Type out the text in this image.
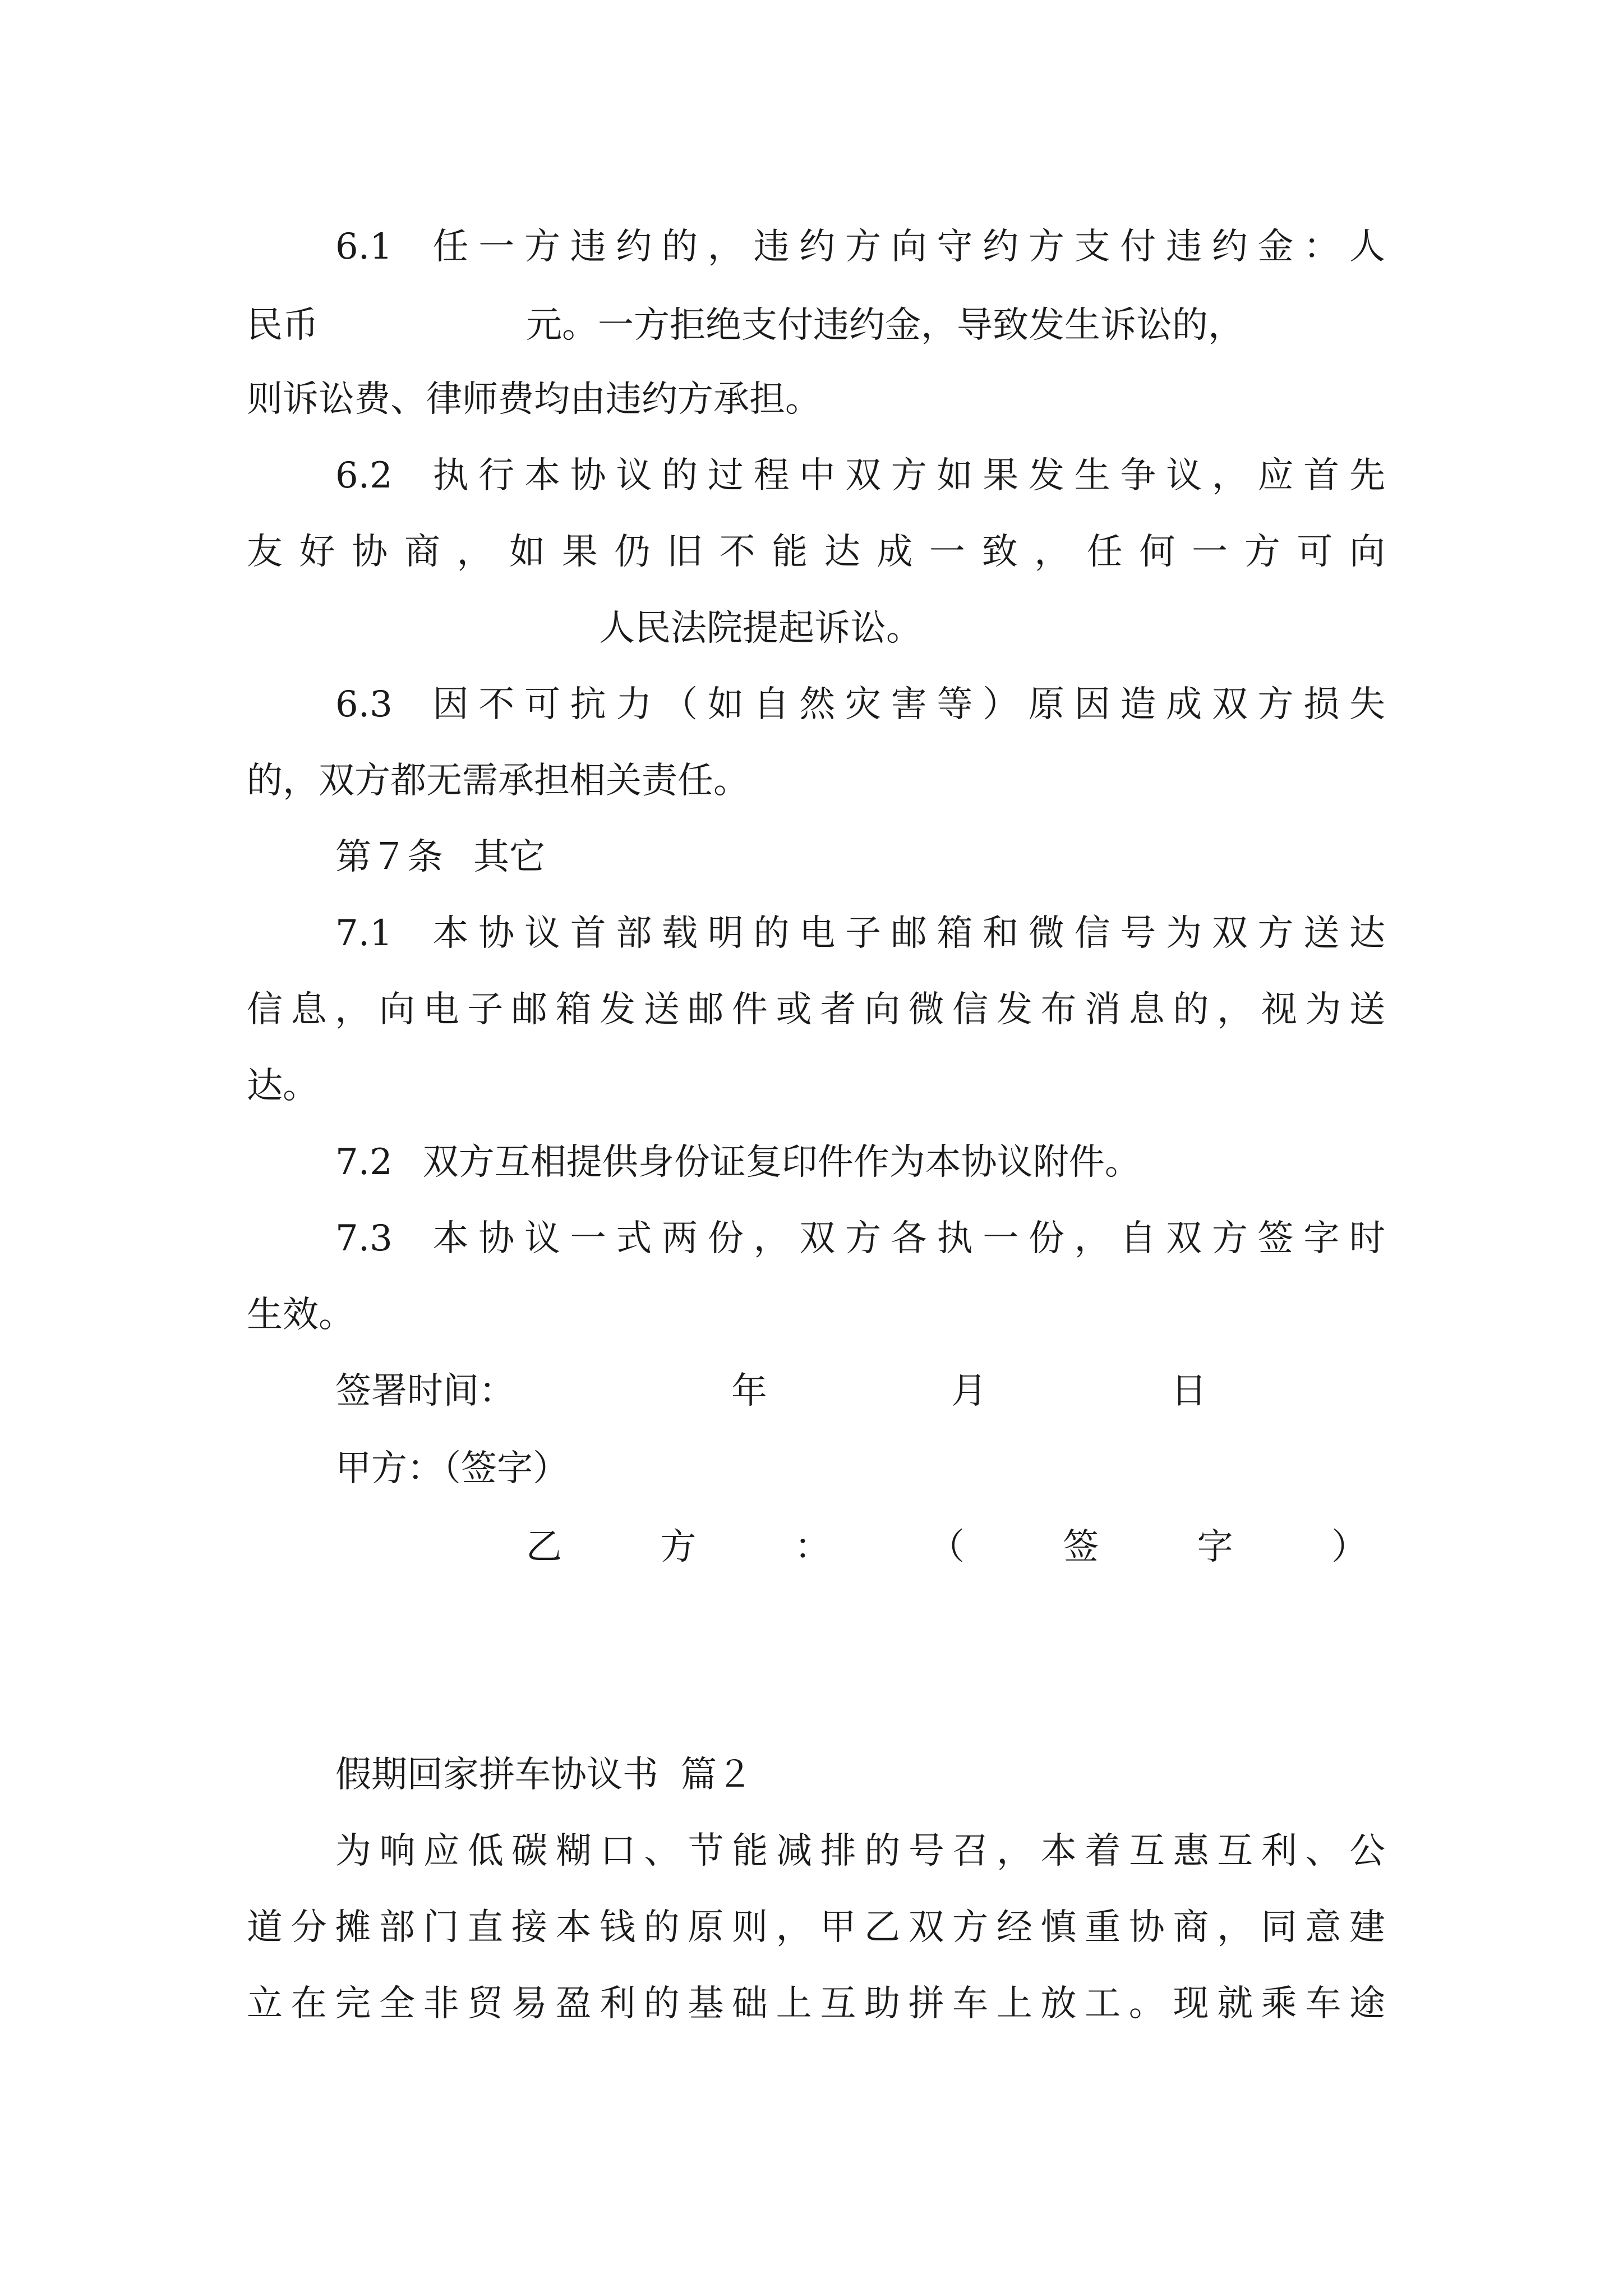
6.1 任一方违约的，违约方向守约方支付违约金：人
民币	元。一方拒绝支付违约金，导致发生诉讼的，
则诉讼费、律师费均由违约方承担。
6.2 执行本协议的过程中双方如果发生争议，应首先
友好协商，如果仍旧不能达成一致，任何一方可向
人民法院提起诉讼。
6.3 因不可抗力（如自然灾害等）原因造成双方损失
的，双方都无需承担相关责任。
第７条 其它
7.1 本协议首部载明的电子邮箱和微信号为双方送达
信息，向电子邮箱发送邮件或者向微信发布消息的，视为送
达。
7.2 双方互相提供身份证复印件作为本协议附件。
7.3 本协议一式两份，双方各执一份，自双方签字时
生效。
签署时间：	年	月	日
甲方：（签字）
乙	方	：	（	签	字	）
假期回家拼车协议书 篇２
为响应低碳糊口、节能减排的号召，本着互惠互利、公
道分摊部门直接本钱的原则，甲乙双方经慎重协商，同意建
立在完全非贸易盈利的基础上互助拼车上放工。现就乘车途
